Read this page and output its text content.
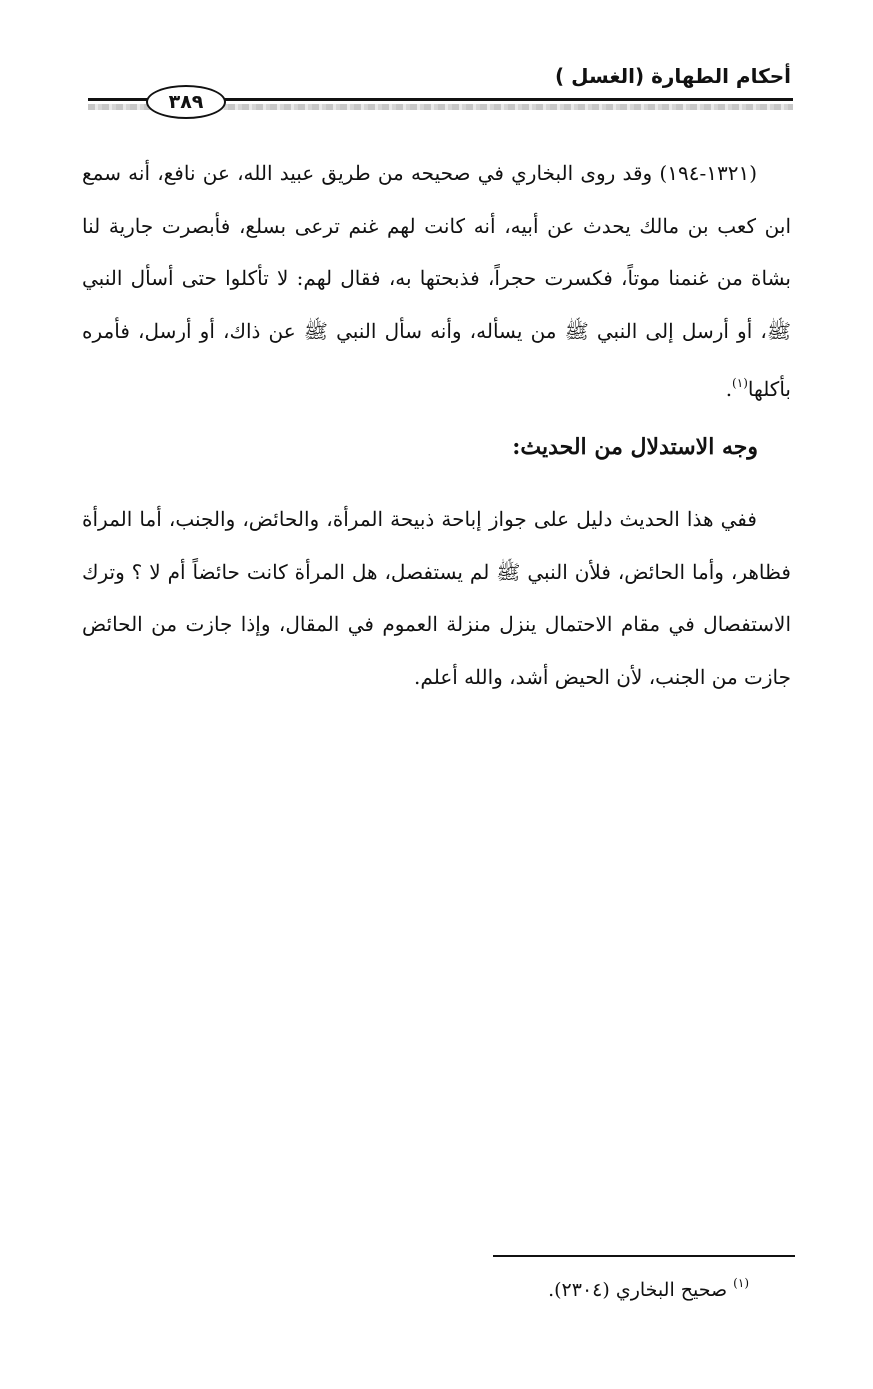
أحكام الطهارة (الغسل )
٣٨٩

(١٣٢١-١٩٤) وقد روى البخاري في صحيحه من طريق عبيد الله، عن نافع، أنه سمع ابن كعب بن مالك يحدث عن أبيه، أنه كانت لهم غنم ترعى بسلع، فأبصرت جارية لنا بشاة من غنمنا موتاً، فكسرت حجراً، فذبحتها به، فقال لهم: لا تأكلوا حتى أسأل النبي ﷺ، أو أرسل إلى النبي ﷺ من يسأله، وأنه سأل النبي ﷺ عن ذاك، أو أرسل، فأمره بأكلها$^{(١)}$.

وجه الاستدلال من الحديث:

ففي هذا الحديث دليل على جواز إباحة ذبيحة المرأة، والحائض، والجنب، أما المرأة فظاهر، وأما الحائض، فلأن النبي ﷺ لم يستفصل، هل المرأة كانت حائضاً أم لا ؟ وترك الاستفصال في مقام الاحتمال ينزل منزلة العموم في المقال، وإذا جازت من الحائض جازت من الجنب، لأن الحيض أشد، والله أعلم.

$^{(١)}$صحيح البخاري (٢٣٠٤).
